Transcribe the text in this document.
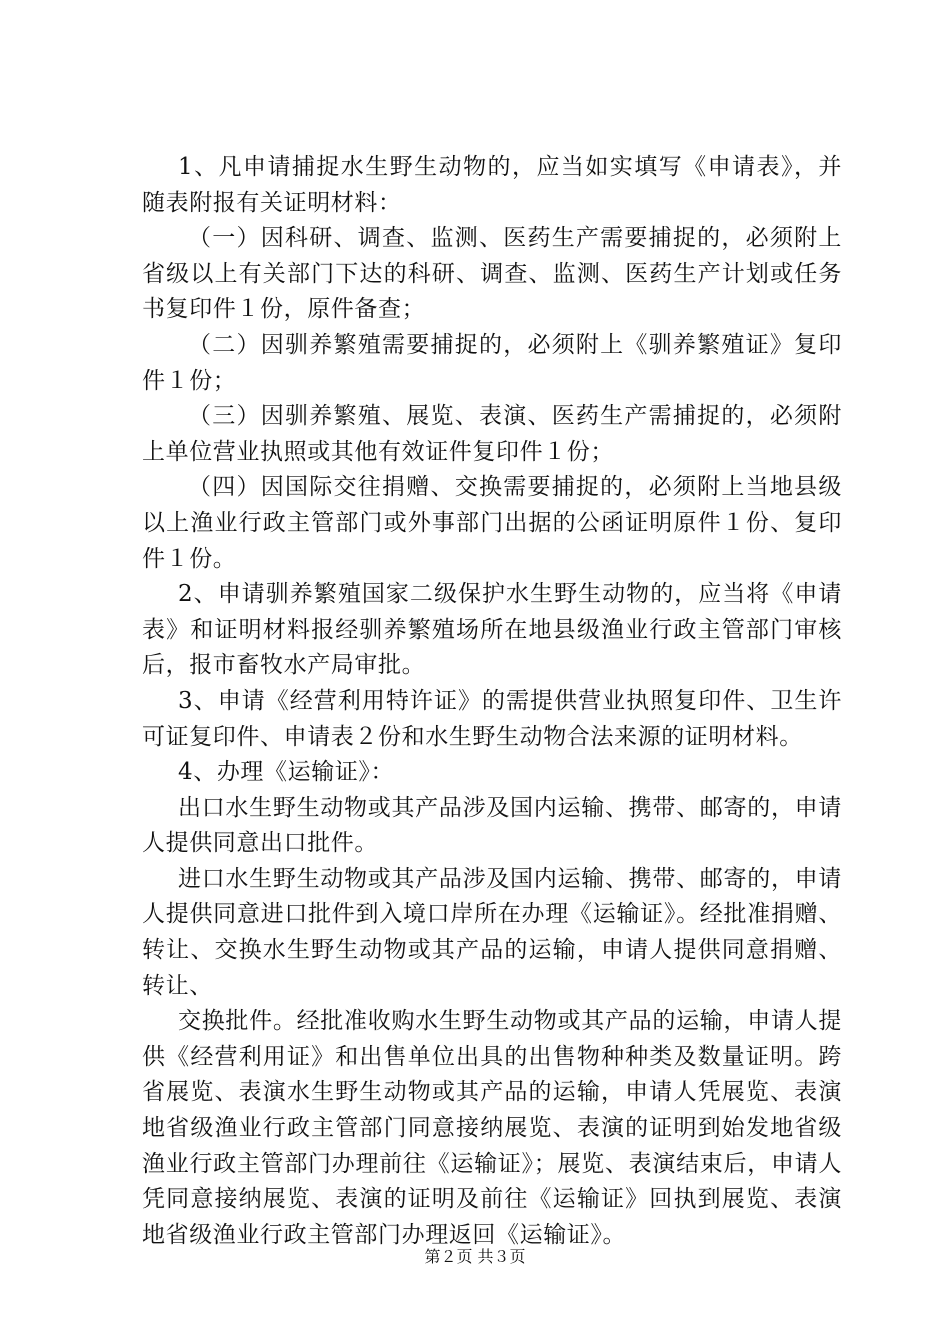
1、凡申请捕捉水生野生动物的，应当如实填写《申请表》，并随表附报有关证明材料：

（一）因科研、调查、监测、医药生产需要捕捉的，必须附上省级以上有关部门下达的科研、调查、监测、医药生产计划或任务书复印件１份，原件备查；

（二）因驯养繁殖需要捕捉的，必须附上《驯养繁殖证》复印件１份；

（三）因驯养繁殖、展览、表演、医药生产需捕捉的，必须附上单位营业执照或其他有效证件复印件１份；

（四）因国际交往捐赠、交换需要捕捉的，必须附上当地县级以上渔业行政主管部门或外事部门出据的公函证明原件１份、复印件１份。

2、申请驯养繁殖国家二级保护水生野生动物的，应当将《申请表》和证明材料报经驯养繁殖场所在地县级渔业行政主管部门审核后，报市畜牧水产局审批。

3、申请《经营利用特许证》的需提供营业执照复印件、卫生许可证复印件、申请表２份和水生野生动物合法来源的证明材料。

4、办理《运输证》：

出口水生野生动物或其产品涉及国内运输、携带、邮寄的，申请人提供同意出口批件。

进口水生野生动物或其产品涉及国内运输、携带、邮寄的，申请人提供同意进口批件到入境口岸所在办理《运输证》。经批准捐赠、转让、交换水生野生动物或其产品的运输，申请人提供同意捐赠、转让、

交换批件。经批准收购水生野生动物或其产品的运输，申请人提供《经营利用证》和出售单位出具的出售物种种类及数量证明。跨省展览、表演水生野生动物或其产品的运输，申请人凭展览、表演地省级渔业行政主管部门同意接纳展览、表演的证明到始发地省级渔业行政主管部门办理前往《运输证》；展览、表演结束后，申请人凭同意接纳展览、表演的证明及前往《运输证》回执到展览、表演地省级渔业行政主管部门办理返回《运输证》。

第２页 共３页
